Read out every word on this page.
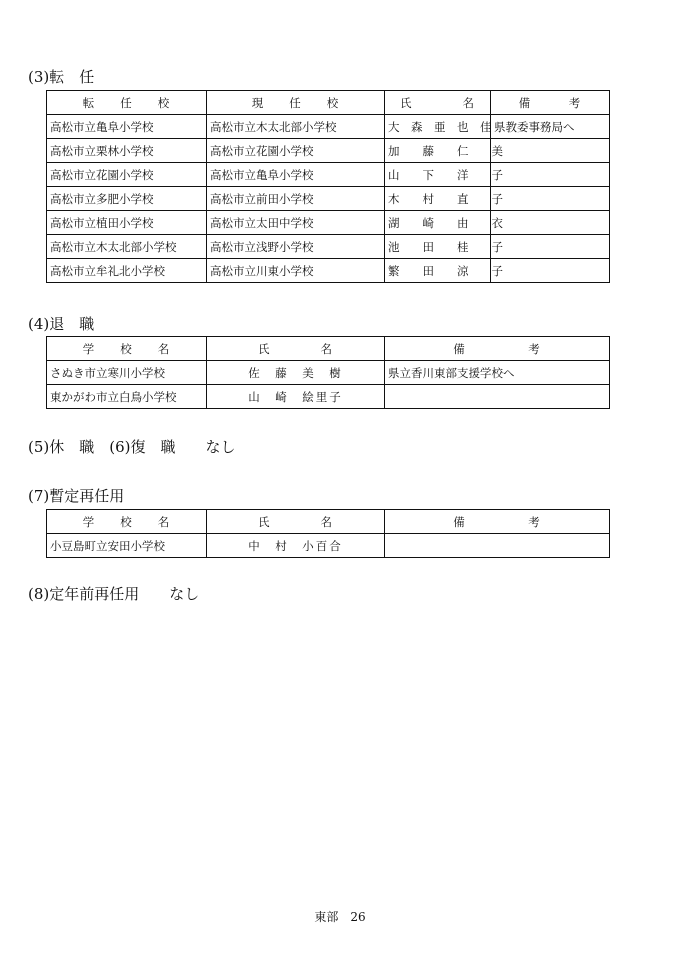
(3)転　任
転　　任　　校	現　　任　　校	氏　　　　名	備　　　考
高松市立亀阜小学校	高松市立木太北部小学校	大　森　亜　也　佳	県教委事務局へ
高松市立栗林小学校	高松市立花園小学校	加　　藤　　仁　　美	
高松市立花園小学校	高松市立亀阜小学校	山　　下　　洋　　子	
高松市立多肥小学校	高松市立前田小学校	木　　村　　直　　子	
高松市立植田小学校	高松市立太田中学校	湖　　崎　　由　　衣	
高松市立木太北部小学校	高松市立浅野小学校	池　　田　　桂　　子	
高松市立牟礼北小学校	高松市立川東小学校	繁　　田　　涼　　子	
(4)退　職
学　　校　　名	氏　　　　名	備　　　　　考
さぬき市立寒川小学校	佐　藤　美　樹	県立香川東部支援学校へ
東かがわ市立白鳥小学校	山　崎　絵里子	
(5)休　職　(6)復　職　　なし
(7)暫定再任用
学　　校　　名	氏　　　　名	備　　　　　考
小豆島町立安田小学校	中　村　小百合	
(8)定年前再任用　　なし
東部　26
